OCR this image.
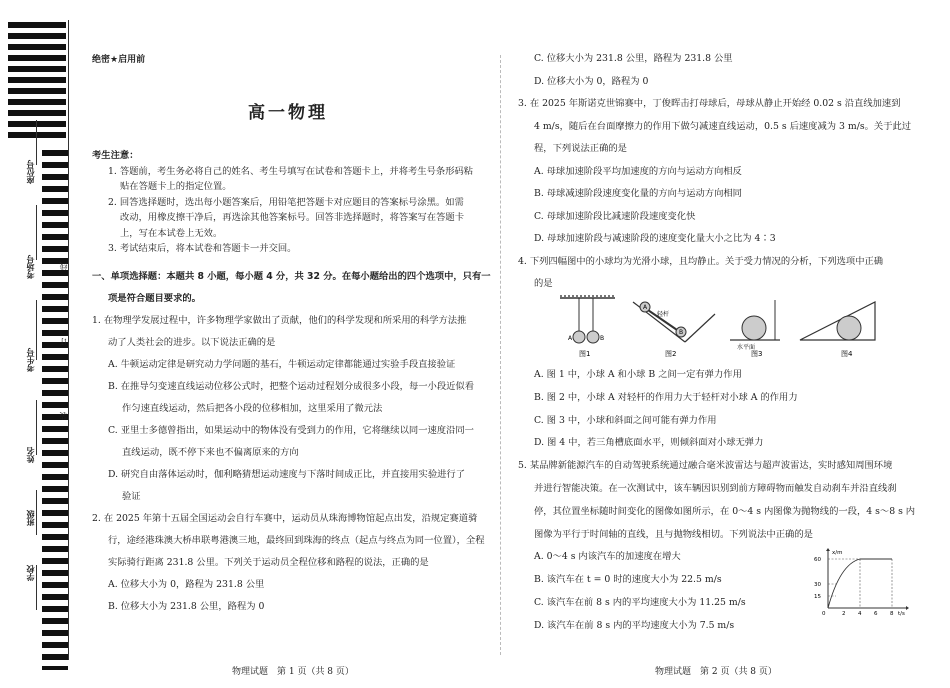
座位号
考场号
考生号
姓名
班级
学校
线
订
装
绝密★启用前
高一物理
考生注意：
1. 答题前，考生务必将自己的姓名、考生号填写在试卷和答题卡上，并将考生号条形码粘
贴在答题卡上的指定位置。
2. 回答选择题时，选出每小题答案后，用铅笔把答题卡对应题目的答案标号涂黑。如需
改动，用橡皮擦干净后，再选涂其他答案标号。回答非选择题时，将答案写在答题卡
上，写在本试卷上无效。
3. 考试结束后，将本试卷和答题卡一并交回。
一、单项选择题：本题共 8 小题，每小题 4 分，共 32 分。在每小题给出的四个选项中，只有一
项是符合题目要求的。
1. 在物理学发展过程中，许多物理学家做出了贡献，他们的科学发现和所采用的科学方法推
动了人类社会的进步。以下说法正确的是
A. 牛顿运动定律是研究动力学问题的基石，牛顿运动定律都能通过实验手段直接验证
B. 在推导匀变速直线运动位移公式时，把整个运动过程划分成很多小段，每一小段近似看
作匀速直线运动，然后把各小段的位移相加，这里采用了微元法
C. 亚里士多德曾指出，如果运动中的物体没有受到力的作用，它将继续以同一速度沿同一
直线运动，既不停下来也不偏离原来的方向
D. 研究自由落体运动时，伽利略猜想运动速度与下落时间成正比，并直接用实验进行了
验证
2. 在 2025 年第十五届全国运动会自行车赛中，运动员从珠海博物馆起点出发，沿规定赛道骑
行，途经港珠澳大桥串联粤港澳三地，最终回到珠海的终点（起点与终点为同一位置），全程
实际骑行距离 231.8 公里。下列关于运动员全程位移和路程的说法，正确的是
A. 位移大小为 0，路程为 231.8 公里
B. 位移大小为 231.8 公里，路程为 0
物理试题　第 1 页（共 8 页）
C. 位移大小为 231.8 公里，路程为 231.8 公里
D. 位移大小为 0，路程为 0
3. 在 2025 年斯诺克世锦赛中，丁俊晖击打母球后，母球从静止开始经 0.02 s 沿直线加速到
4 m/s，随后在台面摩擦力的作用下做匀减速直线运动，0.5 s 后速度减为 3 m/s。关于此过
程，下列说法正确的是
A. 母球加速阶段平均加速度的方向与运动方向相反
B. 母球减速阶段速度变化量的方向与运动方向相同
C. 母球加速阶段比减速阶段速度变化快
D. 母球加速阶段与减速阶段的速度变化量大小之比为 4∶3
4. 下列四幅图中的小球均为光滑小球，且均静止。关于受力情况的分析，下列选项中正确
的是
A	B
图1
A
B
轻杆
图2
水平面
图3	图4
A. 图 1 中，小球 A 和小球 B 之间一定有弹力作用
B. 图 2 中，小球 A 对轻杆的作用力大于轻杆对小球 A 的作用力
C. 图 3 中，小球和斜面之间可能有弹力作用
D. 图 4 中，若三角槽底面水平，则倾斜面对小球无弹力
5. 某品牌新能源汽车的自动驾驶系统通过融合毫米波雷达与超声波雷达，实时感知周围环境
并进行智能决策。在一次测试中，该车辆因识别到前方障碍物而触发自动刹车并沿直线刹
停，其位置坐标随时间变化的图像如图所示，在 0～4 s 内图像为抛物线的一段，4 s～8 s 内
图像为平行于时间轴的直线，且与抛物线相切。下列说法中正确的是
A. 0～4 s 内该汽车的加速度在增大
B. 该汽车在 t = 0 时的速度大小为 22.5 m/s
C. 该汽车在前 8 s 内的平均速度大小为 11.25 m/s
D. 该汽车在前 8 s 内的平均速度大小为 7.5 m/s
x/m
t/s
60
30
15
0	2 4 6 8
物理试题　第 2 页（共 8 页）
